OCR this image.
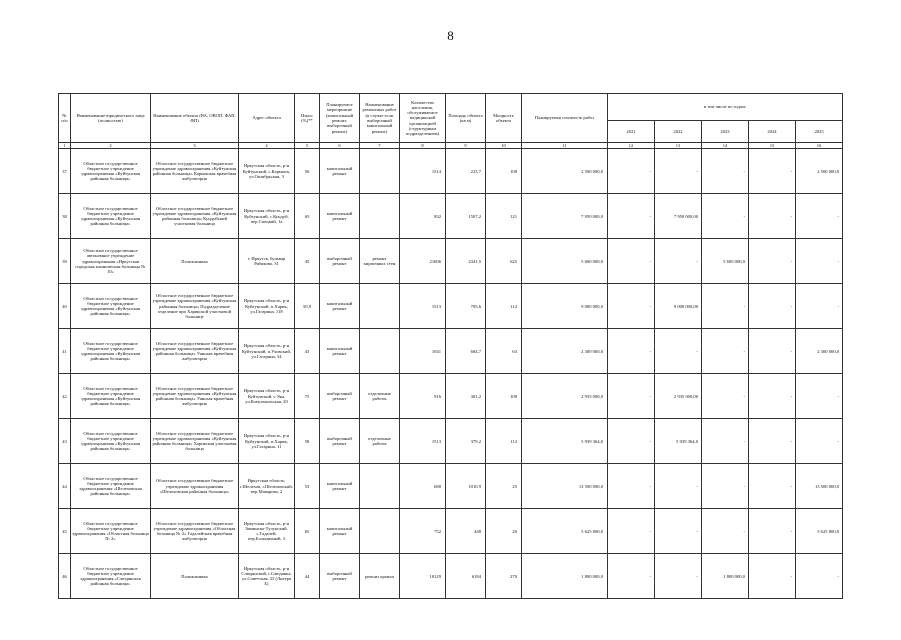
8
№ п/п	Наименование юридического лица (полностью)	Наименование объекта (ВА, ОВОП, ФАП, ФП)	Адрес объекта	Износ (%)**	Планируемое мероприятие (капитальный ремонт, выборочный ремонт)	Наименование ремонтных работ (в случае если выборочный капитальный ремонт)	Количество населения, обслуживаемое медицинской организацией (структурным подразделением)	Площадь объекта (кв.м)	Мощность объекта	Планируемая стоимость работ	в том числе по годам:				
											2021	2022	2023	2024	2025
1	2	3	4	5	6	7	8	9	10	11	12	13	14	15	16
37	Областное государственное бюджетное учреждение здравоохранения «Куйтунская районная больница»	Областное государственное бюджетное учреждение здравоохранения «Куйтунская районная больница» Карымская врачебная амбулатория	Иркутская область, р-н Куйтунский, с.Карымск, ул.Октябрьская, 3	56	капитальный ремонт		1514	223,7	108	2 500 000,0	-	-	-	-	2 500 000,0
38	Областное государственное бюджетное учреждение здравоохранения «Куйтунская районная больница»	Областное государственное бюджетное учреждение здравоохранения «Куйтунская районная больница» Кундуйский участковая больница	Иркутская область, р-н Куйтунский, с.Кундуй, пер.Спецкий, 1а	65	капитальный ремонт		832	1507,2	121	7 950 000,0	-	7 950 000,00	-	-	-
39	Областное государственное автономное учреждение здравоохранения «Иркутская городская клиническая больница № 10»	Поликлиника	г. Иркутск, бульвар Рябикова, 31	45	выборочный ремонт	ремонт кирпичных стен	21606	2341,5	625	5 600 000,0	-	-	5 600 000,0	-	-
40	Областное государственное бюджетное учреждение здравоохранения «Куйтунская районная больница»	Областное государственное бюджетное учреждение здравоохранения «Куйтунская районная больница» Подразделение отделение при Харикской участковой больнице	Иркутская область, р-н Куйтунский, п.Харик, ул.Гагарина, 118	50,9	капитальный ремонт		1513	795,6	112	9 000 000,0	-	9 000 000,00	-	-	-
41	Областное государственное бюджетное учреждение здравоохранения «Куйтунская районная больница»	Областное государственное бюджетное учреждение здравоохранения «Куйтунская районная больница» Уянская врачебная амбулатория	Иркутская область, р-н Куйтунский, п.Уховский, ул.Гагарина, 34	43	капитальный ремонт		1041	684,7	63	2 300 000,0	-	-	-	-	2 300 000,0
42	Областное государственное бюджетное учреждение здравоохранения «Куйтунская районная больница»	Областное государственное бюджетное учреждение здравоохранения «Куйтунская районная больница» Уянская врачебная амбулатория	Иркутская область, р-н Куйтунский, с.Уян, ул.Комсомольская, 20	75	выборочный ремонт	отделочные работы	916	381,2	108	2 935 000,0	-	2 935 000,00	-	-	-
43	Областное государственное бюджетное учреждение здравоохранения «Куйтунская районная больница»	Областное государственное бюджетное учреждение здравоохранения «Куйтунская районная больница» Харикская участковая больница	Иркутская область, р-н Куйтунский, п.Харик, ул.Гагарина, 11	58	выборочный ремонт	отделочные работы	1513	379,2	112	5 939 364,0	-	5 939 364,0	-	-	-
44	Областное государственное бюджетное учреждение здравоохранения «Шелеховская районная больница»	Областное государственное бюджетное учреждение здравоохранения «Шелеховская районная больница»	Иркутская область, г.Шелехов, г.Шелеховский, пер.Макарова, 2	53	капитальный ремонт		680	1010,9	25	13 500 000,0	-	-	-	-	13 500 000,0
45	Областное государственное бюджетное учреждение здравоохранения «Областная больница № 2»	Областное государственное бюджетное учреждение здравоохранения «Областная больница № 2» Гадалейская врачебная амбулатория	Иркутская область, р-н Зиминско-Тулунский, с.Гадалей, пер.Больничный, 3	65	капитальный ремонт		752	448	20	5 625 800,0	-	-	-	-	5 625 800,0
46	Областное государственное бюджетное учреждение здравоохранения «Слюдянская районная больница»	Поликлиника	Иркутская область, р-н Слюдянский, г.Слюдянка, ул.Советская, 25 (Литера Б)	44	выборочный ремонт	ремонт кровли	18129	6184	270	1 800 000,0	-	-	1 800 000,0	-	-
